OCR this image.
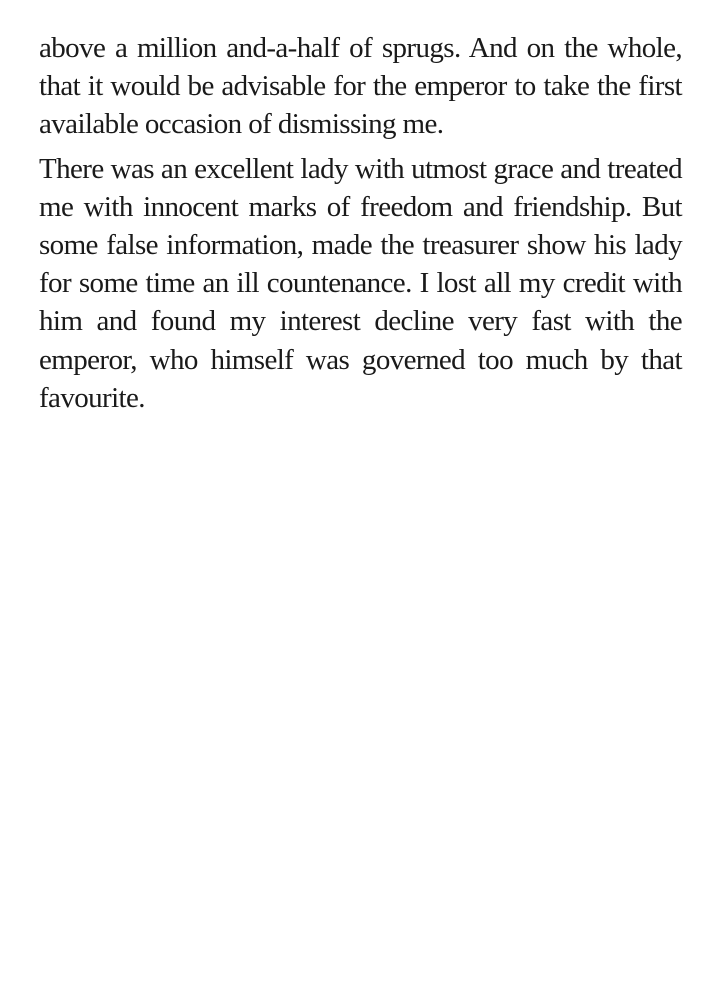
above a million and-a-half of sprugs. And on the whole,
that it would be advisable for the emperor to take the first
available occasion of dismissing me.

There was an excellent lady with utmost grace and treated
me with innocent marks of freedom and friendship. But
some false information, made the treasurer show his lady
for some time an ill countenance. I lost all my credit with
him and found my interest decline very fast with the
emperor, who himself was governed too much by that
favourite.
